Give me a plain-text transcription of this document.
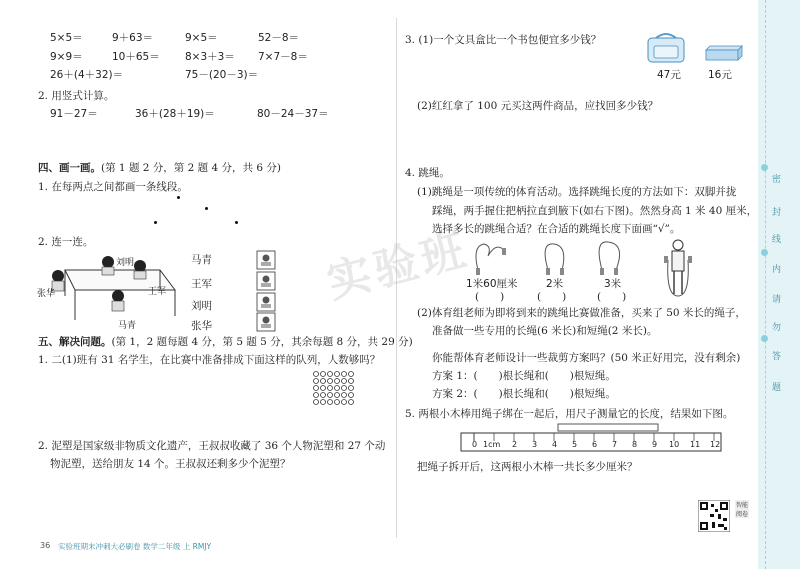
5×5＝	9＋63＝	9×5＝	52－8＝
9×9＝	10＋65＝ 8×3＋3＝ 7×7－8＝
26＋(4＋32)＝	75－(20－3)＝
2. 用竖式计算。
91－27＝	36＋(28＋19)＝	80－24－37＝
四、画一画。(第 1 题 2 分，第 2 题 4 分，共 6 分)
1. 在每两点之间都画一条线段。
2. 连一连。
刘明
王军
马青
张华
马青
王军
刘明
张华
五、解决问题。(第 1，2 题每题 4 分，第 5 题 5 分，其余每题 8 分，共 29 分)
1. 二(1)班有 31 名学生，在比赛中准备排成下面这样的队列，人数够吗？
2. 泥塑是国家级非物质文化遗产，王叔叔收藏了 36 个人物泥塑和 27 个动
物泥塑，送给朋友 14 个。王叔叔还剩多少个泥塑？
36 实验班期末冲刺大必刷卷 数学二年级 上 RMJY
3. (1)一个文具盒比一个书包便宜多少钱？
47元	16元
(2)红红拿了 100 元买这两件商品，应找回多少钱？
4. 跳绳。
(1)跳绳是一项传统的体育活动。选择跳绳长度的方法如下：双脚并拢
踩绳，两手握住把柄拉直到腋下(如右下图)。然然身高 1 米 40 厘米，
选择多长的跳绳合适？在合适的跳绳长度下面画“√”。
1米60厘米	2米	3米
(　　)	(　　)	(　　)
(2)体育组老师为即将到来的跳绳比赛做准备，买来了 50 米长的绳子，
准备做一些专用的长绳(6 米长)和短绳(2 米长)。
你能帮体育老师设计一些裁剪方案吗？(50 米正好用完，没有剩余)
方案 1：(　　)根长绳和(　　)根短绳。
方案 2：(　　)根长绳和(　　)根短绳。
5. 两根小木棒用绳子绑在一起后，用尺子测量它的长度，结果如下图。
0 1cm 2 3 4 5 6 7 8 9 10 11 12
把绳子拆开后，这两根小木棒一共长多少厘米？
智能阅卷
实验班
密
封
线
内
请
勿
答
题
